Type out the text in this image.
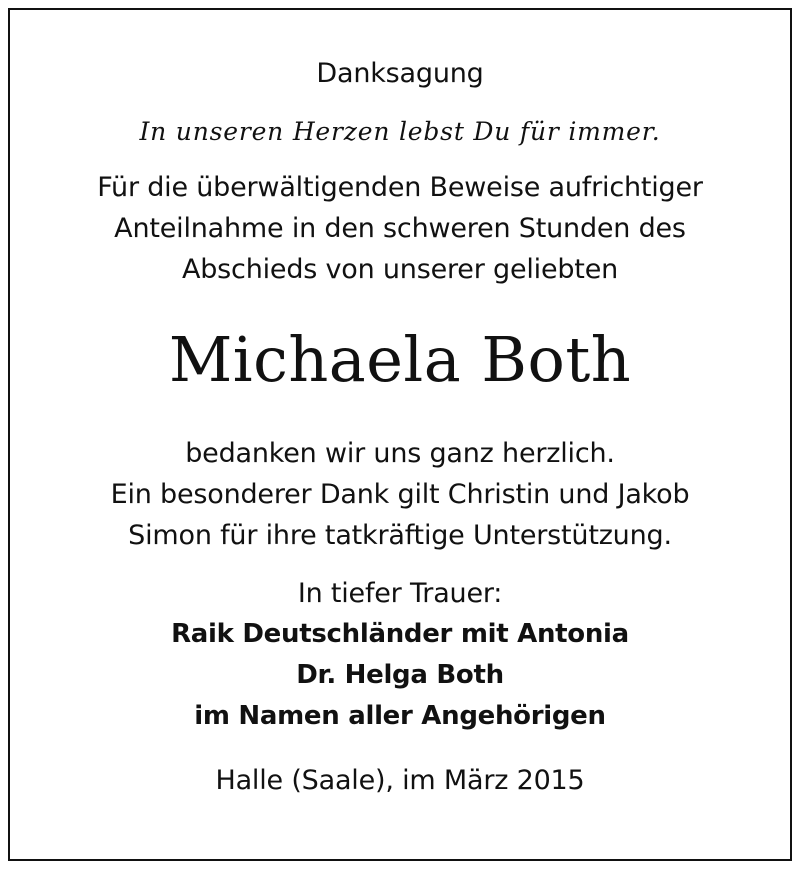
Danksagung
In unseren Herzen lebst Du für immer.
Für die überwältigenden Beweise aufrichtiger
Anteilnahme in den schweren Stunden des
Abschieds von unserer geliebten
Michaela Both
bedanken wir uns ganz herzlich.
Ein besonderer Dank gilt Christin und Jakob
Simon für ihre tatkräftige Unterstützung.
In tiefer Trauer:
Raik Deutschländer mit Antonia
Dr. Helga Both
im Namen aller Angehörigen
Halle (Saale), im März 2015
